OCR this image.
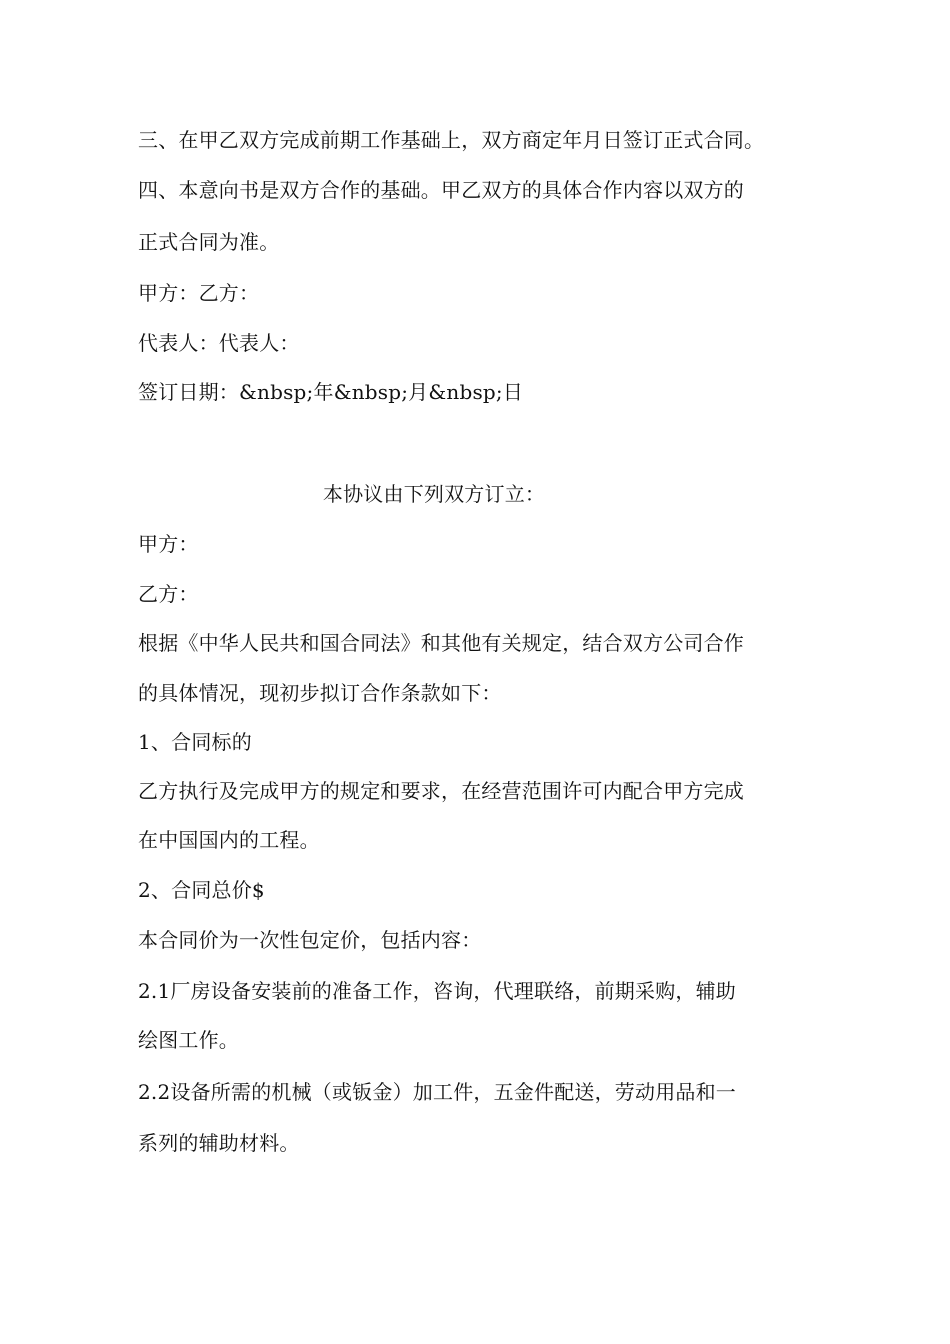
三、在甲乙双方完成前期工作基础上，双方商定年月日签订正式合同。
四、本意向书是双方合作的基础。甲乙双方的具体合作内容以双方的
正式合同为准。
甲方：乙方：
代表人：代表人：
签订日期：&nbsp;年&nbsp;月&nbsp;日
本协议由下列双方订立：
甲方：
乙方：
根据《中华人民共和国合同法》和其他有关规定，结合双方公司合作
的具体情况，现初步拟订合作条款如下：
1、合同标的
乙方执行及完成甲方的规定和要求，在经营范围许可内配合甲方完成
在中国国内的工程。
2、合同总价$
本合同价为一次性包定价，包括内容：
2.1厂房设备安装前的准备工作，咨询，代理联络，前期采购，辅助
绘图工作。
2.2设备所需的机械（或钣金）加工件，五金件配送，劳动用品和一
系列的辅助材料。
